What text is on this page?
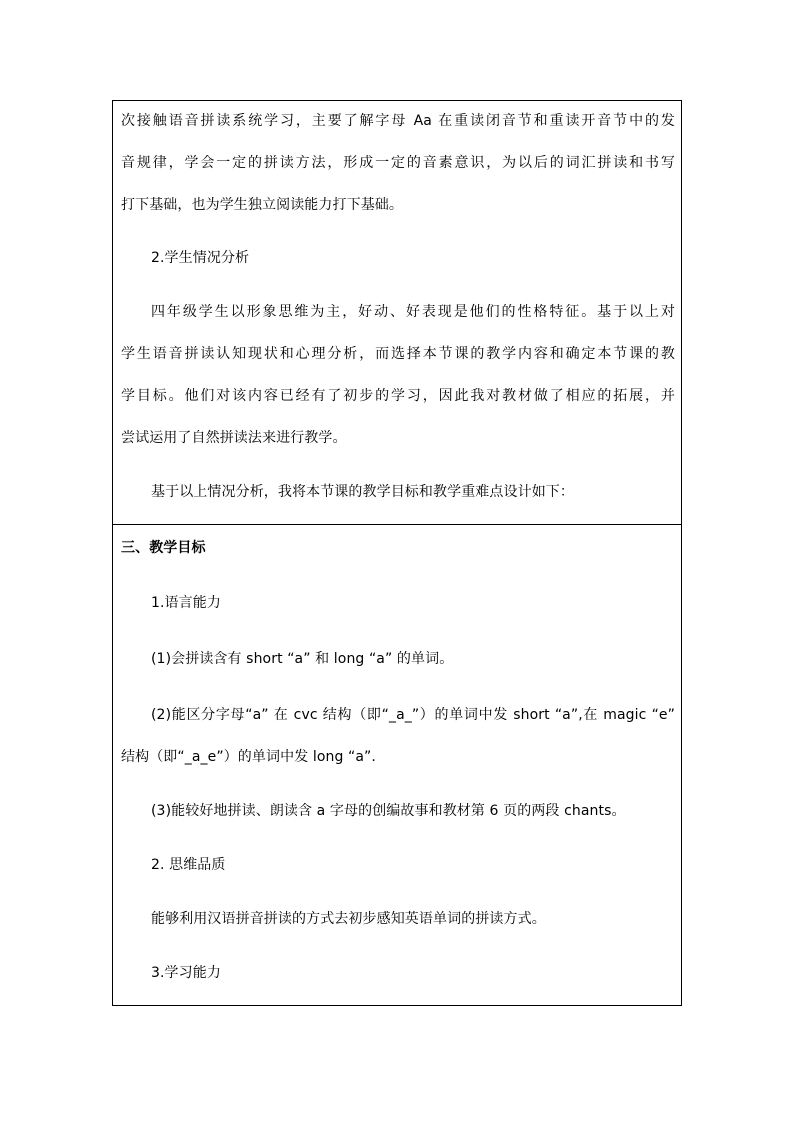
次接触语音拼读系统学习，主要了解字母 Aa 在重读闭音节和重读开音节中的发
音规律，学会一定的拼读方法，形成一定的音素意识，为以后的词汇拼读和书写
打下基础，也为学生独立阅读能力打下基础。
2.学生情况分析
四年级学生以形象思维为主，好动、好表现是他们的性格特征。基于以上对
学生语音拼读认知现状和心理分析，而选择本节课的教学内容和确定本节课的教
学目标。他们对该内容已经有了初步的学习，因此我对教材做了相应的拓展，并
尝试运用了自然拼读法来进行教学。
基于以上情况分析，我将本节课的教学目标和教学重难点设计如下：
三、教学目标
1.语言能力
(1)会拼读含有 short “a” 和 long “a” 的单词。
(2)能区分字母“a” 在 cvc 结构（即“_a_”）的单词中发 short “a”,在 magic “e”
结构（即“_a_e”）的单词中发 long “a”.
(3)能较好地拼读、朗读含 a 字母的创编故事和教材第 6 页的两段 chants。
2. 思维品质
能够利用汉语拼音拼读的方式去初步感知英语单词的拼读方式。
3.学习能力
